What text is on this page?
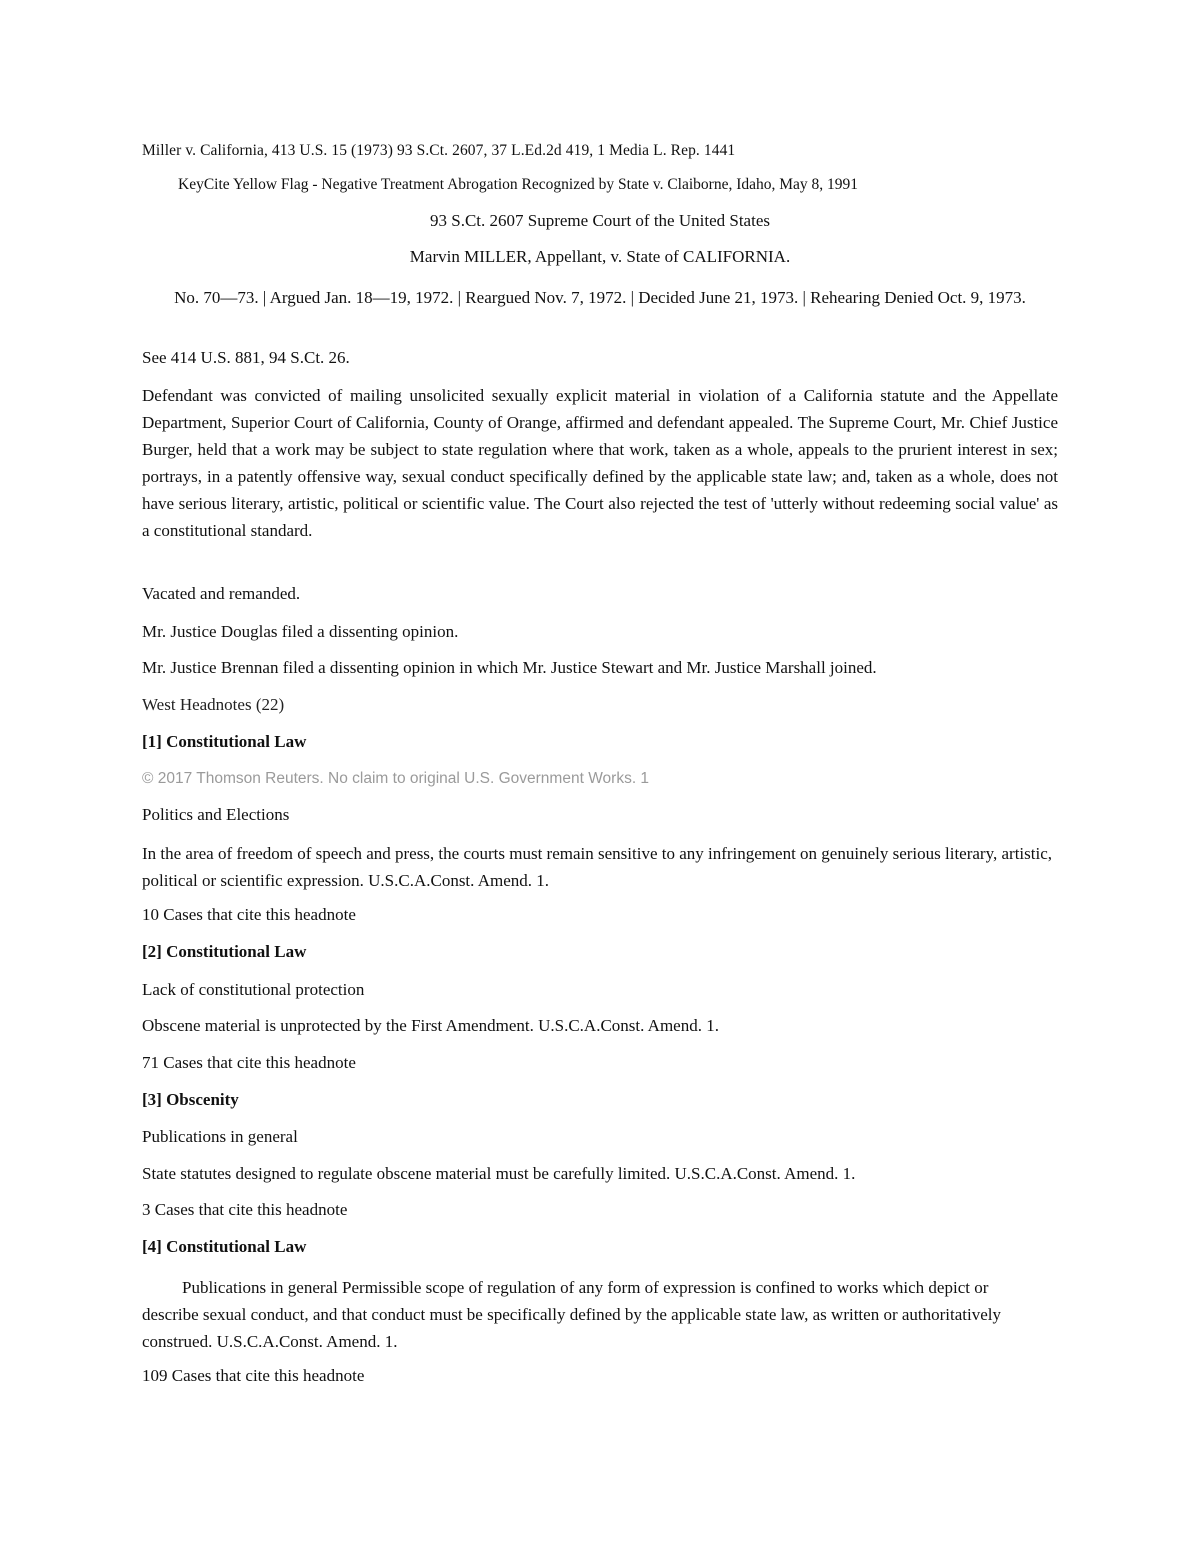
Miller v. California, 413 U.S. 15 (1973) 93 S.Ct. 2607, 37 L.Ed.2d 419, 1 Media L. Rep. 1441
KeyCite Yellow Flag - Negative Treatment Abrogation Recognized by State v. Claiborne, Idaho, May 8, 1991
93 S.Ct. 2607 Supreme Court of the United States
Marvin MILLER, Appellant, v. State of CALIFORNIA.
No. 70—73. | Argued Jan. 18—19, 1972. | Reargued Nov. 7, 1972. | Decided June 21, 1973. | Rehearing Denied Oct. 9, 1973.
See 414 U.S. 881, 94 S.Ct. 26.
Defendant was convicted of mailing unsolicited sexually explicit material in violation of a California statute and the Appellate Department, Superior Court of California, County of Orange, affirmed and defendant appealed. The Supreme Court, Mr. Chief Justice Burger, held that a work may be subject to state regulation where that work, taken as a whole, appeals to the prurient interest in sex; portrays, in a patently offensive way, sexual conduct specifically defined by the applicable state law; and, taken as a whole, does not have serious literary, artistic, political or scientific value. The Court also rejected the test of 'utterly without redeeming social value' as a constitutional standard.
Vacated and remanded.
Mr. Justice Douglas filed a dissenting opinion.
Mr. Justice Brennan filed a dissenting opinion in which Mr. Justice Stewart and Mr. Justice Marshall joined.
West Headnotes (22)
[1] Constitutional Law
© 2017 Thomson Reuters. No claim to original U.S. Government Works. 1
Politics and Elections
In the area of freedom of speech and press, the courts must remain sensitive to any infringement on genuinely serious literary, artistic, political or scientific expression. U.S.C.A.Const. Amend. 1.
10 Cases that cite this headnote
[2] Constitutional Law
Lack of constitutional protection
Obscene material is unprotected by the First Amendment. U.S.C.A.Const. Amend. 1.
71 Cases that cite this headnote
[3] Obscenity
Publications in general
State statutes designed to regulate obscene material must be carefully limited. U.S.C.A.Const. Amend. 1.
3 Cases that cite this headnote
[4] Constitutional Law
Publications in general Permissible scope of regulation of any form of expression is confined to works which depict or describe sexual conduct, and that conduct must be specifically defined by the applicable state law, as written or authoritatively construed. U.S.C.A.Const. Amend. 1.
109 Cases that cite this headnote
